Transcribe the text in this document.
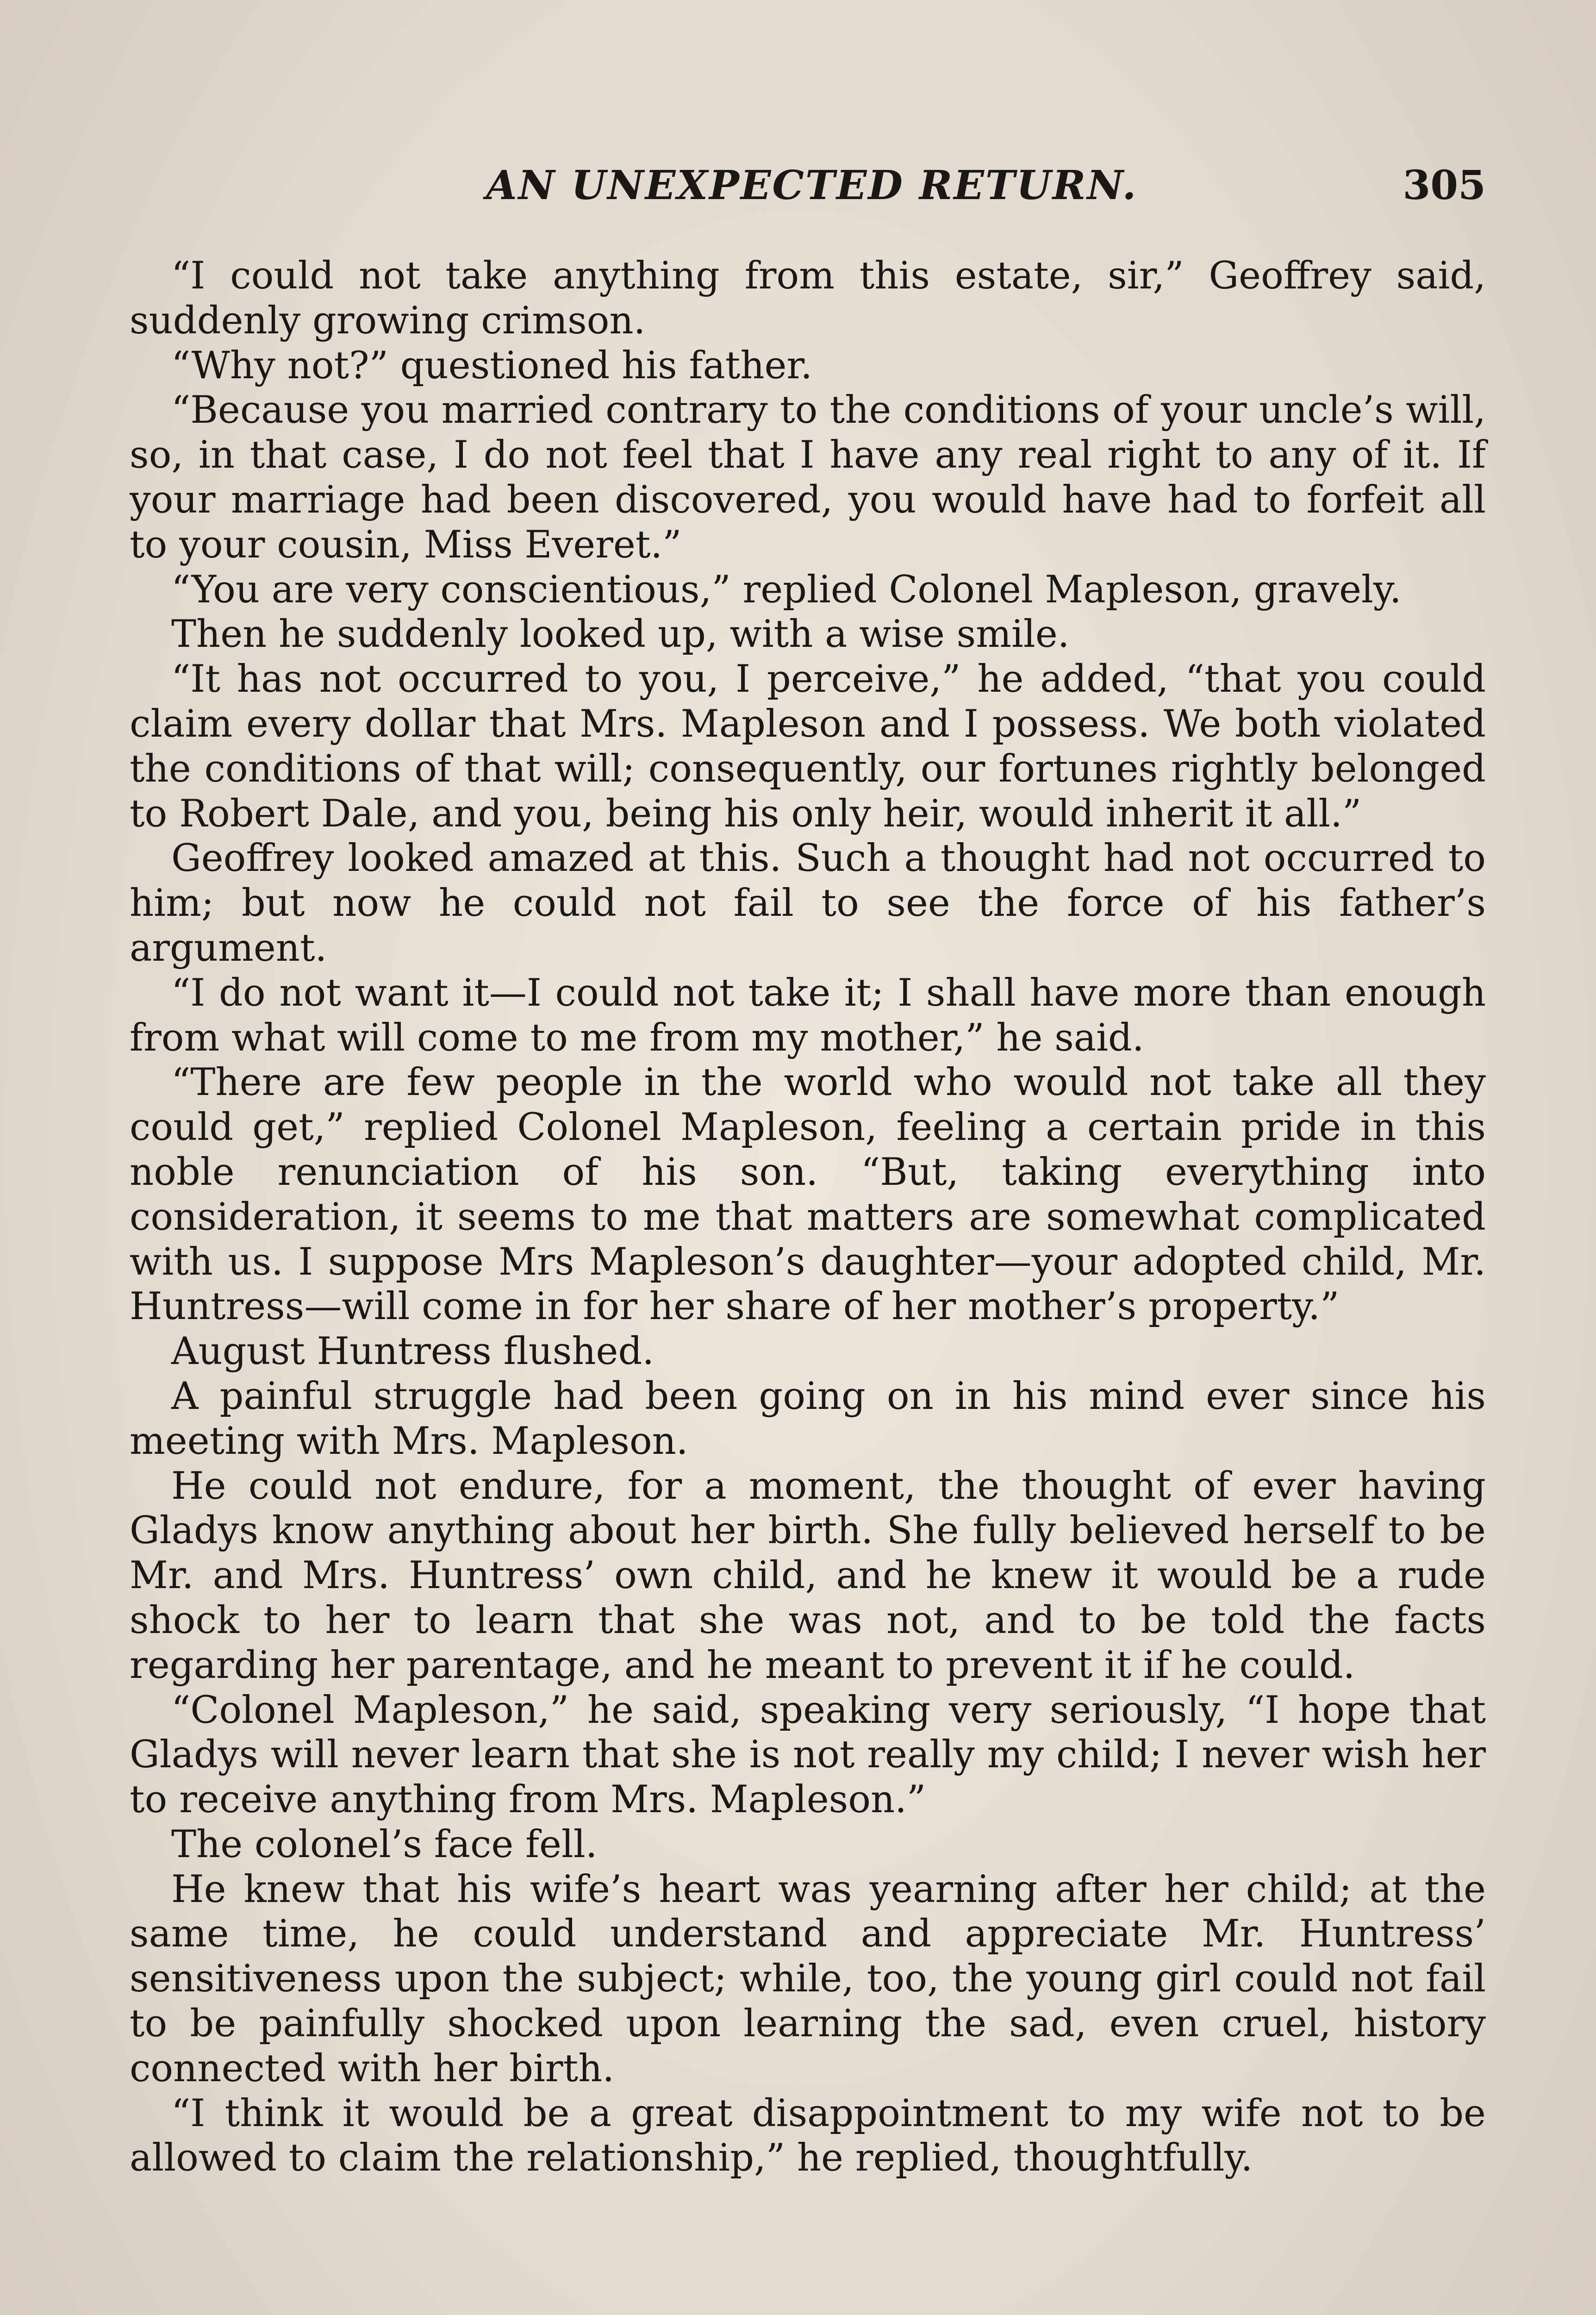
AN UNEXPECTED RETURN.	305

“I could not take anything from this estate, sir,” Geoffrey said, suddenly growing crimson.

“Why not?” questioned his father.

“Because you married contrary to the conditions of your uncle’s will, so, in that case, I do not feel that I have any real right to any of it. If your marriage had been discovered, you would have had to forfeit all to your cousin, Miss Everet.”

“You are very conscientious,” replied Colonel Mapleson, gravely.

Then he suddenly looked up, with a wise smile.

“It has not occurred to you, I perceive,” he added, “that you could claim every dollar that Mrs. Mapleson and I possess. We both violated the conditions of that will; consequently, our fortunes rightly belonged to Robert Dale, and you, being his only heir, would inherit it all.”

Geoffrey looked amazed at this. Such a thought had not occurred to him; but now he could not fail to see the force of his father’s argument.

“I do not want it—I could not take it; I shall have more than enough from what will come to me from my mother,” he said.

“There are few people in the world who would not take all they could get,” replied Colonel Mapleson, feeling a certain pride in this noble renunciation of his son. “But, taking everything into consideration, it seems to me that matters are somewhat complicated with us. I suppose Mrs Mapleson’s daughter—your adopted child, Mr. Huntress—will come in for her share of her mother’s property.”

August Huntress flushed.

A painful struggle had been going on in his mind ever since his meeting with Mrs. Mapleson.

He could not endure, for a moment, the thought of ever having Gladys know anything about her birth. She fully believed herself to be Mr. and Mrs. Huntress’ own child, and he knew it would be a rude shock to her to learn that she was not, and to be told the facts regarding her parentage, and he meant to prevent it if he could.

“Colonel Mapleson,” he said, speaking very seriously, “I hope that Gladys will never learn that she is not really my child; I never wish her to receive anything from Mrs. Mapleson.”

The colonel’s face fell.

He knew that his wife’s heart was yearning after her child; at the same time, he could understand and appreciate Mr. Huntress’ sensitiveness upon the subject; while, too, the young girl could not fail to be painfully shocked upon learning the sad, even cruel, history connected with her birth.

“I think it would be a great disappointment to my wife not to be allowed to claim the relationship,” he replied, thoughtfully.
